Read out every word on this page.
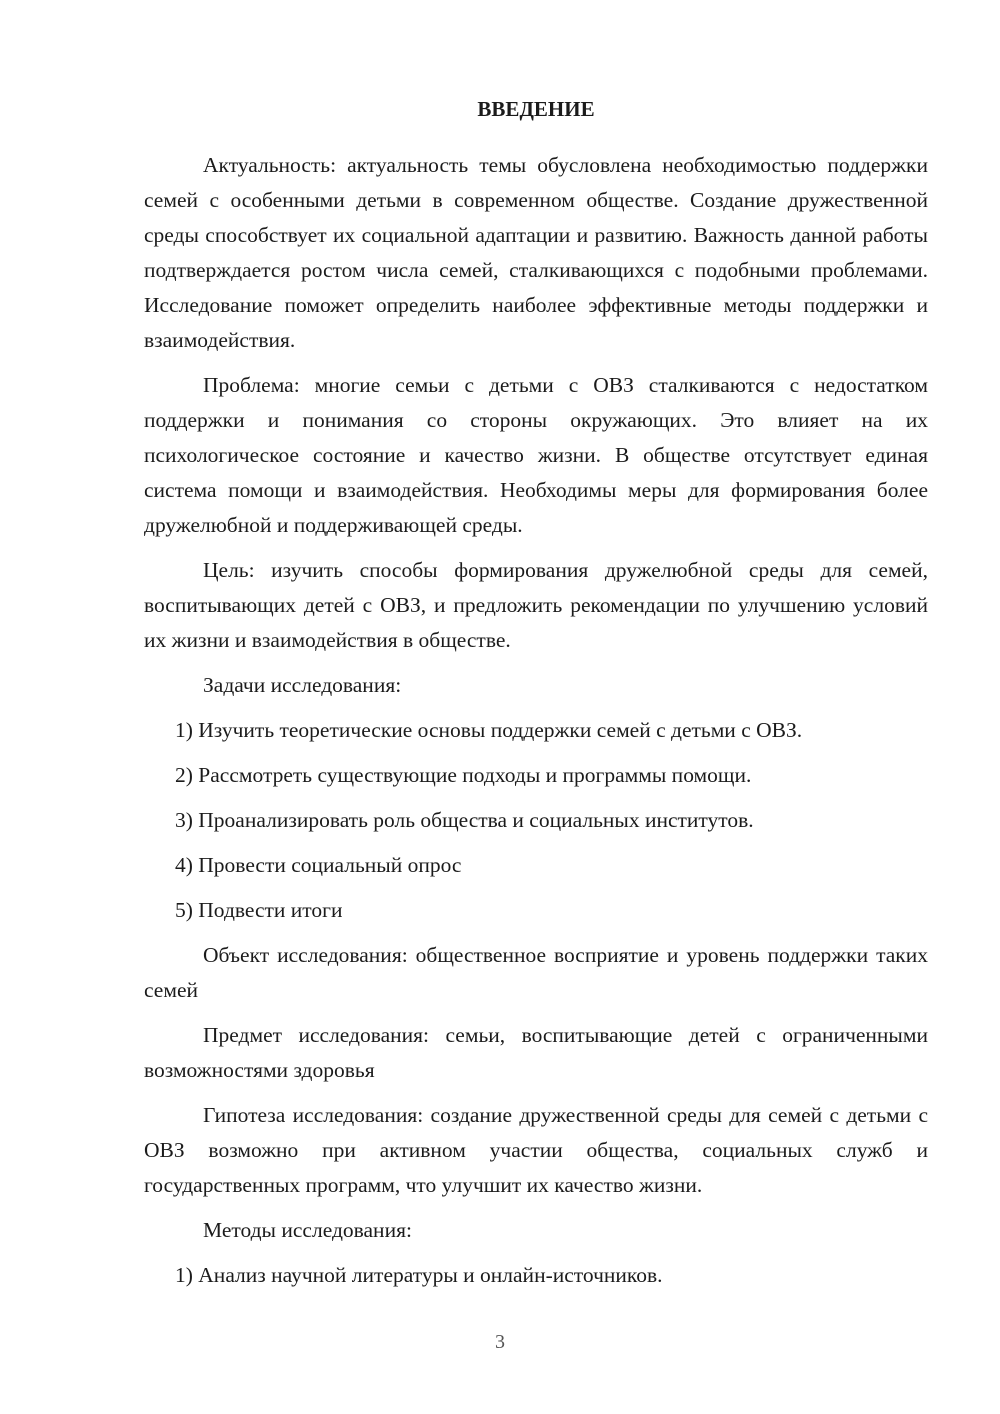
ВВЕДЕНИЕ

Актуальность: актуальность темы обусловлена необходимостью поддержки семей с особенными детьми в современном обществе. Создание дружественной среды способствует их социальной адаптации и развитию. Важность данной работы подтверждается ростом числа семей, сталкивающихся с подобными проблемами. Исследование поможет определить наиболее эффективные методы поддержки и взаимодействия.

Проблема: многие семьи с детьми с ОВЗ сталкиваются с недостатком поддержки и понимания со стороны окружающих. Это влияет на их психологическое состояние и качество жизни. В обществе отсутствует единая система помощи и взаимодействия. Необходимы меры для формирования более дружелюбной и поддерживающей среды.

Цель: изучить способы формирования дружелюбной среды для семей, воспитывающих детей с ОВЗ, и предложить рекомендации по улучшению условий их жизни и взаимодействия в обществе.

Задачи исследования:

1) Изучить теоретические основы поддержки семей с детьми с ОВЗ.

2) Рассмотреть существующие подходы и программы помощи.

3) Проанализировать роль общества и социальных институтов.

4) Провести социальный опрос

5) Подвести итоги

Объект исследования: общественное восприятие и уровень поддержки таких семей

Предмет исследования: семьи, воспитывающие детей с ограниченными возможностями здоровья

Гипотеза исследования: создание дружественной среды для семей с детьми с ОВЗ возможно при активном участии общества, социальных служб и государственных программ, что улучшит их качество жизни.

Методы исследования:

1) Анализ научной литературы и онлайн-источников.

3
